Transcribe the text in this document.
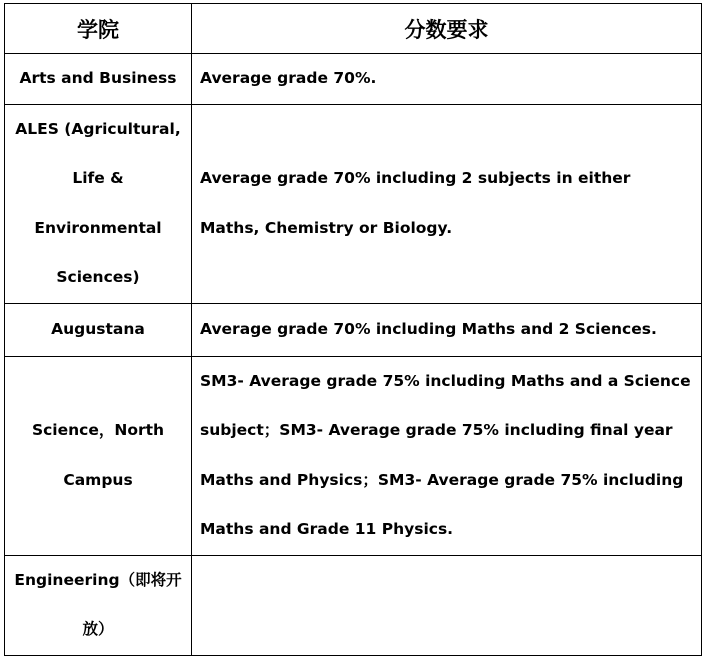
学院	分数要求
Arts and Business	Average grade 70%.
ALES (Agricultural, Life & Environmental Sciences)	Average grade 70% including 2 subjects in either Maths, Chemistry or Biology.
Augustana	Average grade 70% including Maths and 2 Sciences.
Science，North Campus	SM3- Average grade 75% including Maths and a Science subject；SM3- Average grade 75% including final year Maths and Physics；SM3- Average grade 75% including Maths and Grade 11 Physics.
Engineering（即将开放）	
